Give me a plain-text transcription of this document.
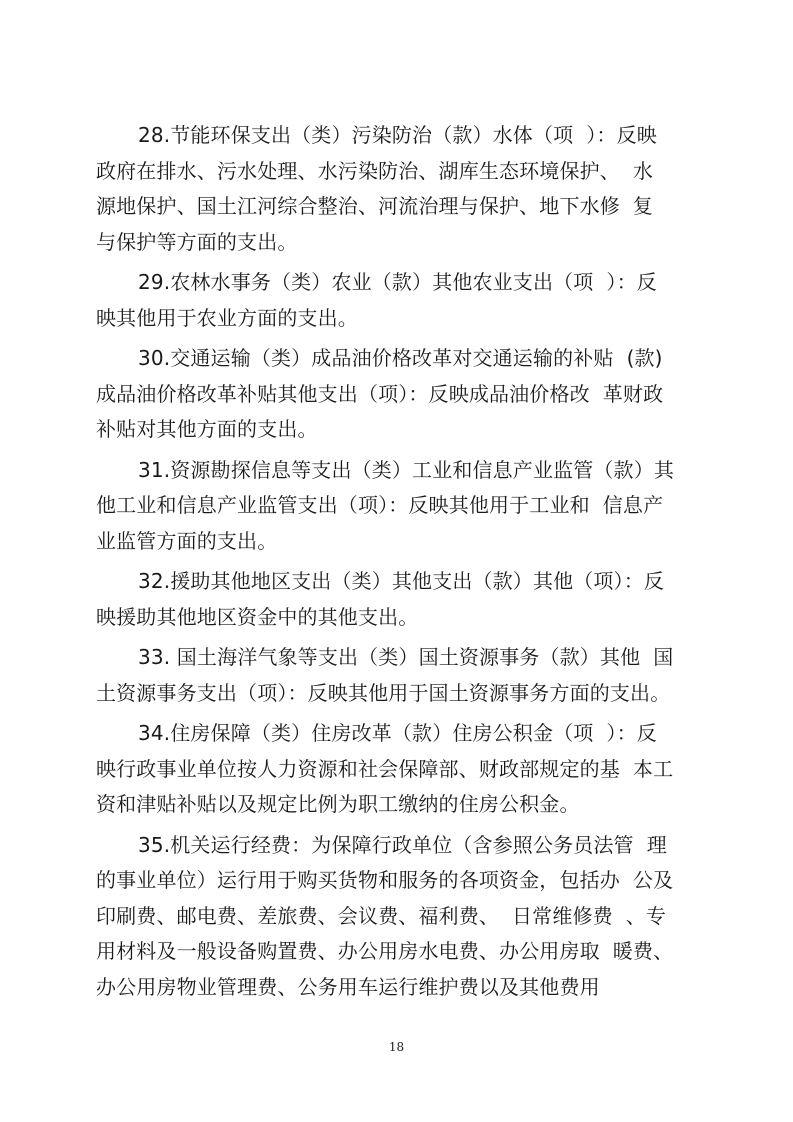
28.节能环保支出（类）污染防治（款）水体（项  ）：反映
政府在排水、污水处理、水污染防治、湖库生态环境保护、  水
源地保护、国土江河综合整治、河流治理与保护、地下水修  复
与保护等方面的支出。
29.农林水事务（类）农业（款）其他农业支出（项  ）：反
映其他用于农业方面的支出。
30.交通运输（类）成品油价格改革对交通运输的补贴  (款)
成品油价格改革补贴其他支出（项）：反映成品油价格改  革财政
补贴对其他方面的支出。
31.资源勘探信息等支出（类）工业和信息产业监管（款）其
他工业和信息产业监管支出（项）：反映其他用于工业和  信息产
业监管方面的支出。
32.援助其他地区支出（类）其他支出（款）其他（项）：反
映援助其他地区资金中的其他支出。
33. 国土海洋气象等支出（类）国土资源事务（款）其他  国
土资源事务支出（项）：反映其他用于国土资源事务方面的支出。
34.住房保障（类）住房改革（款）住房公积金（项  ）：反
映行政事业单位按人力资源和社会保障部、财政部规定的基  本工
资和津贴补贴以及规定比例为职工缴纳的住房公积金。
35.机关运行经费：为保障行政单位（含参照公务员法管  理
的事业单位）运行用于购买货物和服务的各项资金，包括办  公及
印刷费、邮电费、差旅费、会议费、福利费、  日常维修费  、专
用材料及一般设备购置费、办公用房水电费、办公用房取  暖费、
办公用房物业管理费、公务用车运行维护费以及其他费用
18
